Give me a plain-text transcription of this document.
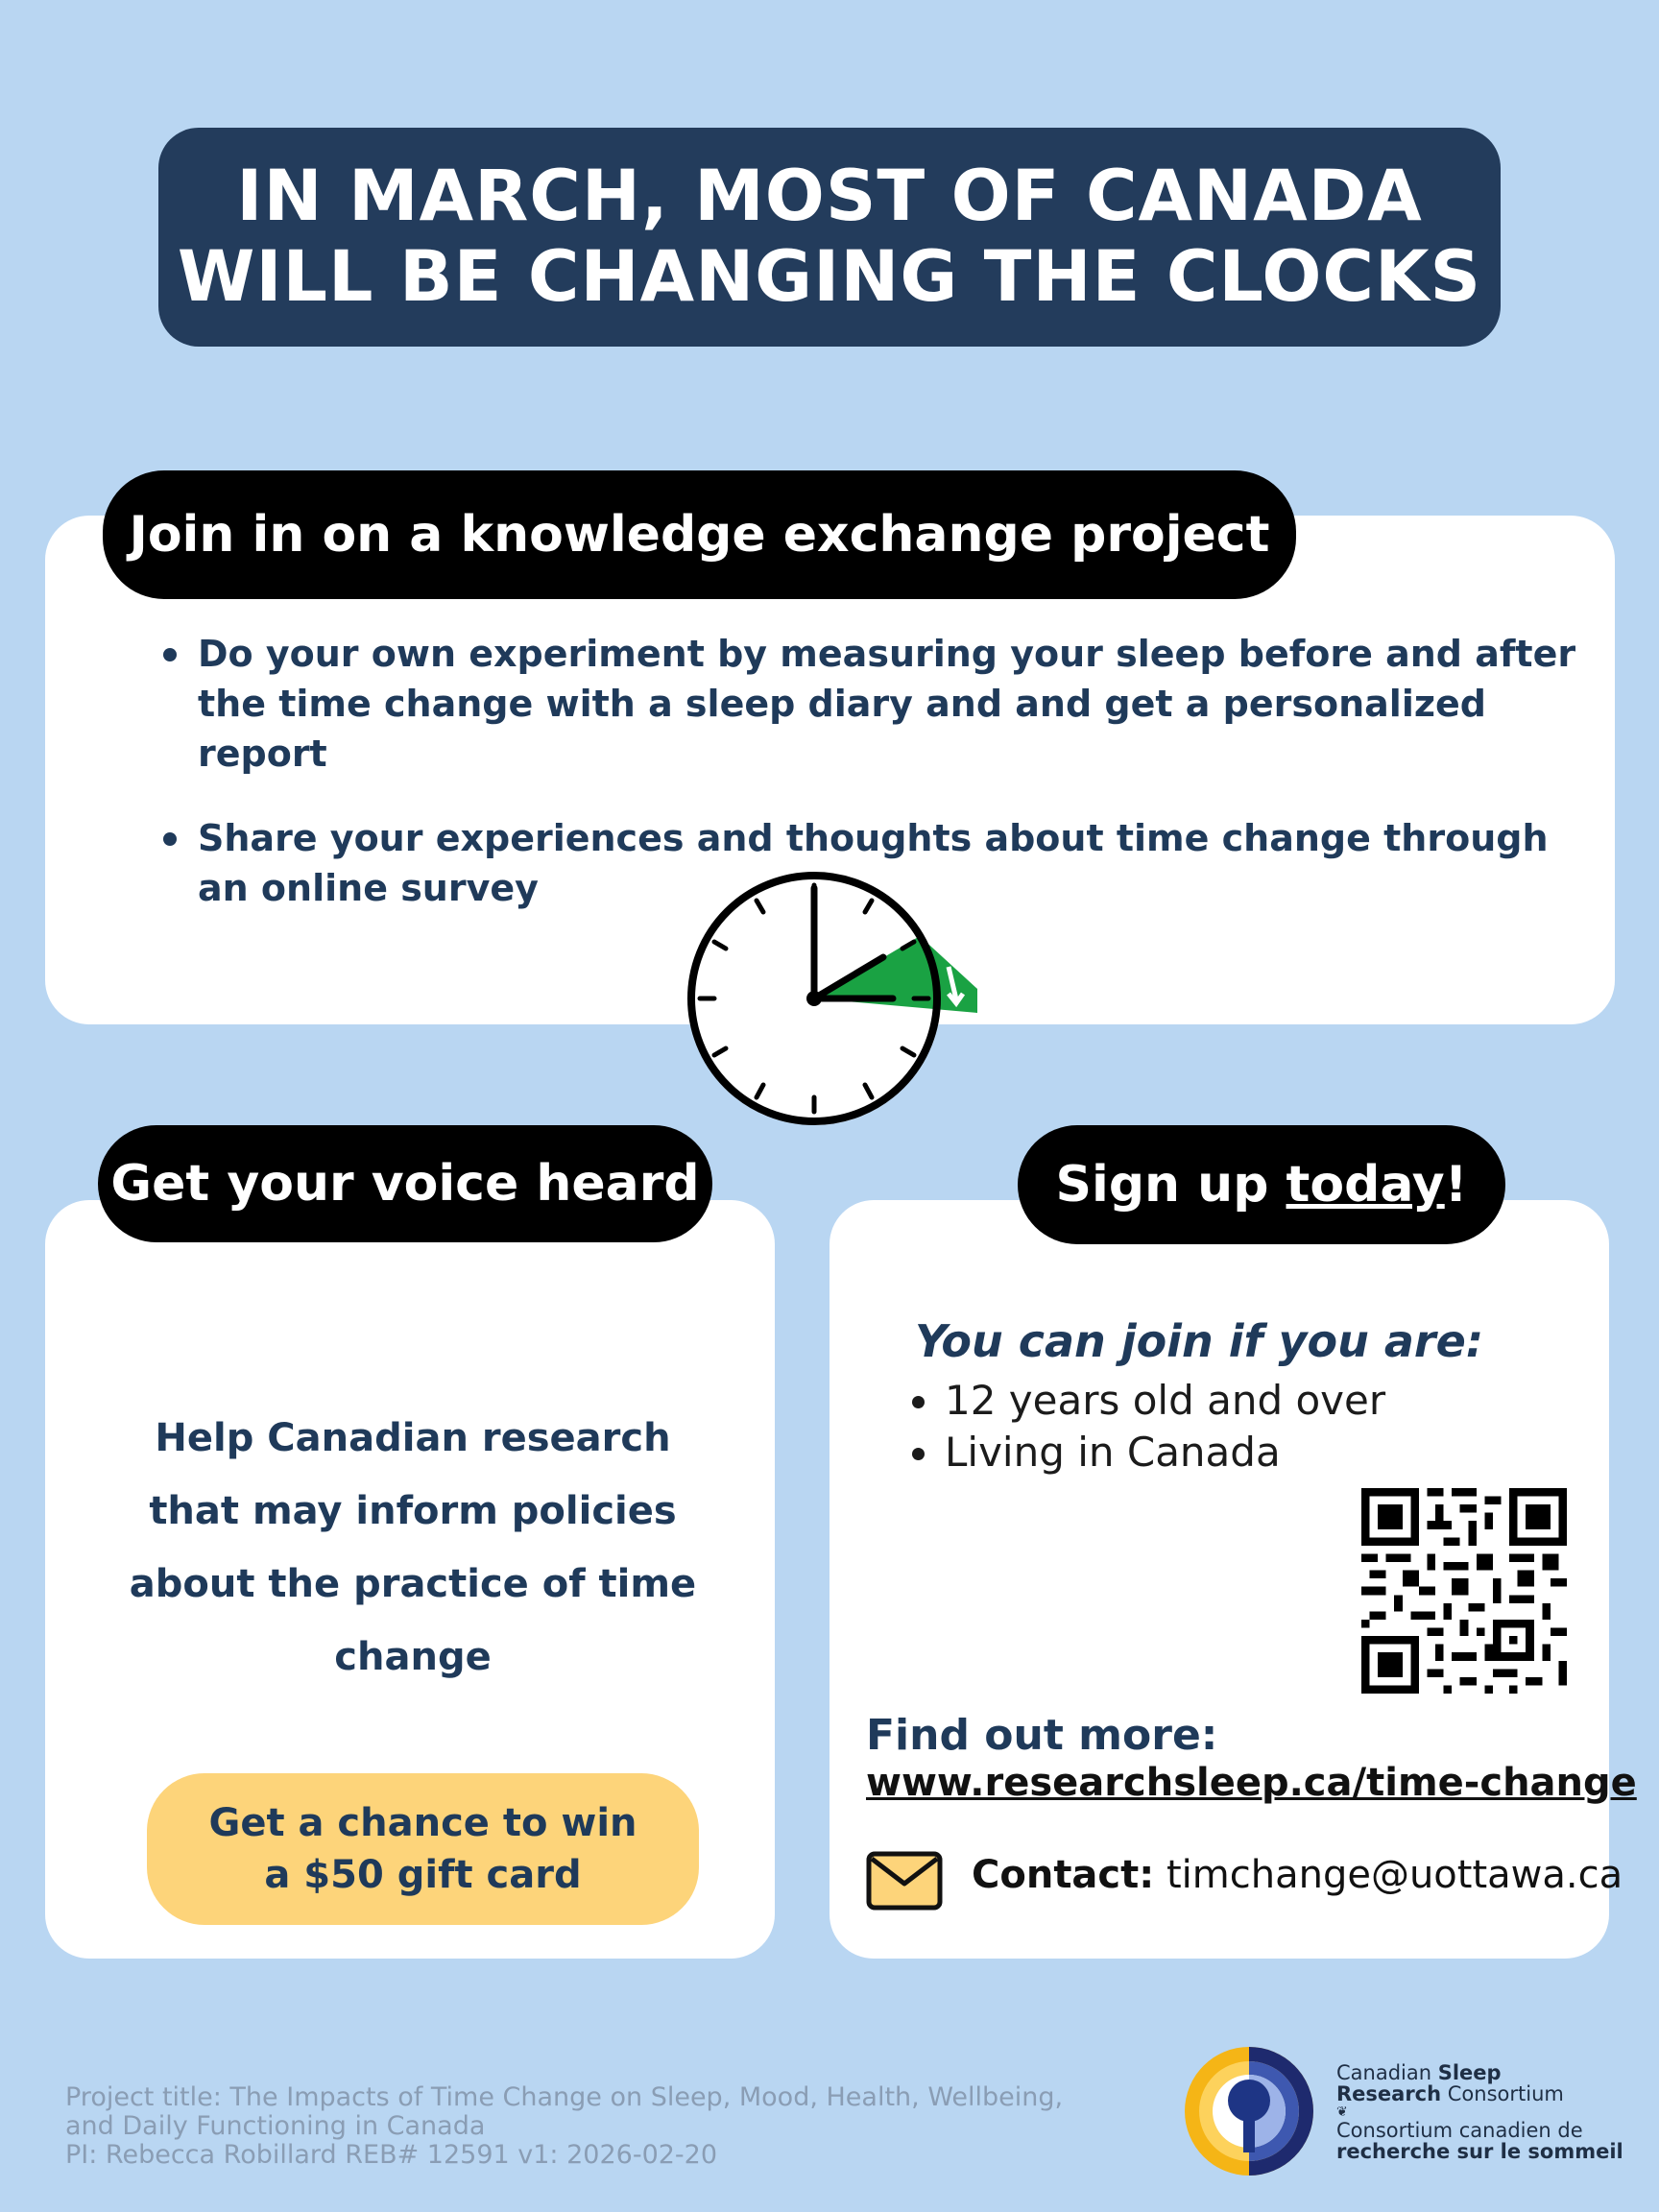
IN MARCH, MOST OF CANADA
WILL BE CHANGING THE CLOCKS
Join in on a knowledge exchange project
Do your own experiment by measuring your sleep before and after the time change with a sleep diary and and get a personalized report
Share your experiences and thoughts about time change through an online survey
Get your voice heard
Help Canadian research that may inform policies about the practice of time change
Get a chance to win
a $50 gift card
Sign up today !
You can join if you are:
12 years old and over
Living in Canada
Find out more:
www.researchsleep.ca/time-change
Contact: timchange@uottawa.ca
Project title: The Impacts of Time Change on Sleep, Mood, Health, Wellbeing,
and Daily Functioning in Canada
PI: Rebecca Robillard REB# 12591 v1: 2026-02-20
Canadian Sleep
Research Consortium
❦
Consortium canadien de
recherche sur le sommeil
